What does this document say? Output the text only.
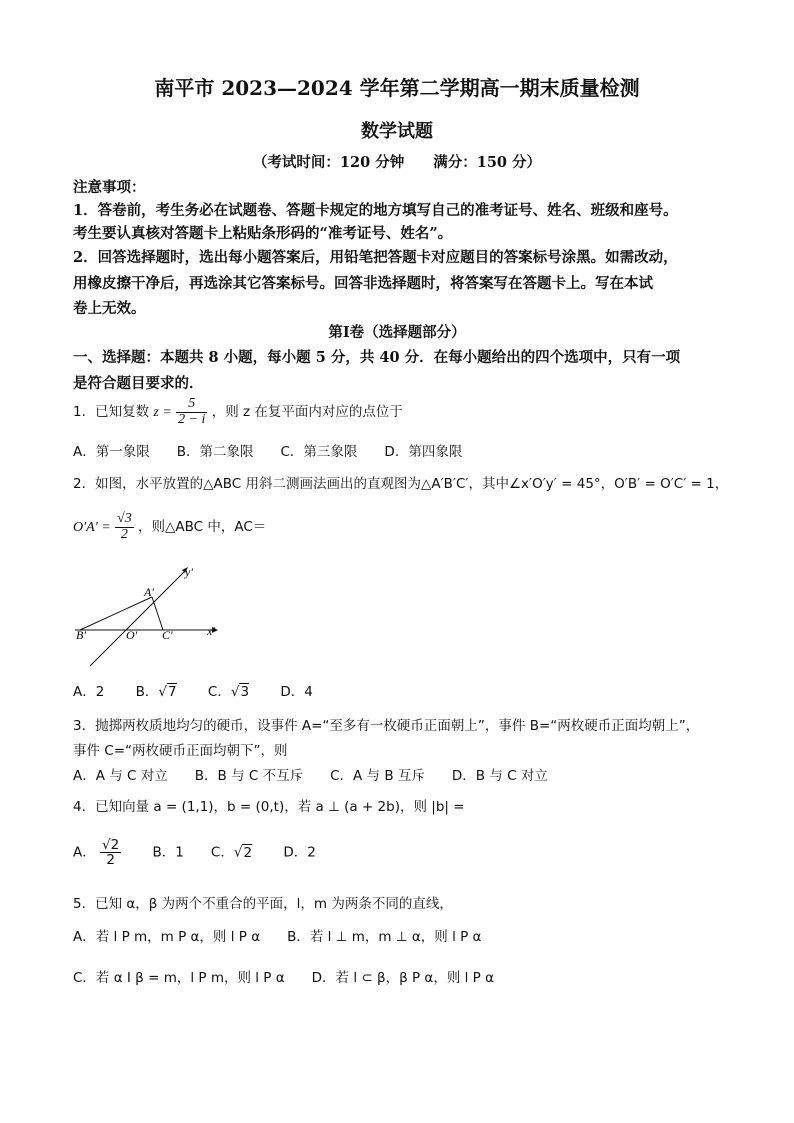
南平市 2023—2024 学年第二学期高一期末质量检测
数学试题
（考试时间：120 分钟　　满分：150 分）
注意事项：
1．答卷前，考生务必在试题卷、答题卡规定的地方填写自己的准考证号、姓名、班级和座号。
考生要认真核对答题卡上粘贴条形码的“准考证号、姓名”。
2．回答选择题时，选出每小题答案后，用铅笔把答题卡对应题目的答案标号涂黑。如需改动，
用橡皮擦干净后，再选涂其它答案标号。回答非选择题时，将答案写在答题卡上。写在本试
卷上无效。
第Ⅰ卷（选择题部分）
一、选择题：本题共 8 小题，每小题 5 分，共 40 分．在每小题给出的四个选项中，只有一项
是符合题目要求的．
1．已知复数 $z = \frac{5}{2 - i}$ ，则 z 在复平面内对应的点位于
A．第一象限　　B．第二象限　　C．第三象限　　D．第四象限
2．如图，水平放置的△ABC 用斜二测画法画出的直观图为△A′B′C′，其中∠x′O′y′ = 45°，O′B′ = O′C′ = 1，
$O'A' = \frac{√3}{2}$ ，则△ABC 中，AC＝
y′
x′
A′
B′	O′ C′
A．2　　 B．√7　　 C．√3　　 D．4
3．抛掷两枚质地均匀的硬币，设事件 A=“至多有一枚硬币正面朝上”，事件 B=“两枚硬币正面均朝上”，
事件 C=“两枚硬币正面均朝下”，则
A．A 与 C 对立　　B．B 与 C 不互斥　　C．A 与 B 互斥　　D．B 与 C 对立
4．已知向量 a = (1,1)，b = (0,t)，若 a ⊥ (a + 2b)，则 |b| =
A． $\frac{√2}{2}$
　　 B．1　　C．√2　　 D．2
5．已知 α，β 为两个不重合的平面，l，m 为两条不同的直线，
A．若 l P m，m P α，则 l P α　　B．若 l ⊥ m，m ⊥ α，则 l P α
C．若 α I β = m，l P m，则 l P α　　D．若 l ⊂ β，β P α，则 l P α
